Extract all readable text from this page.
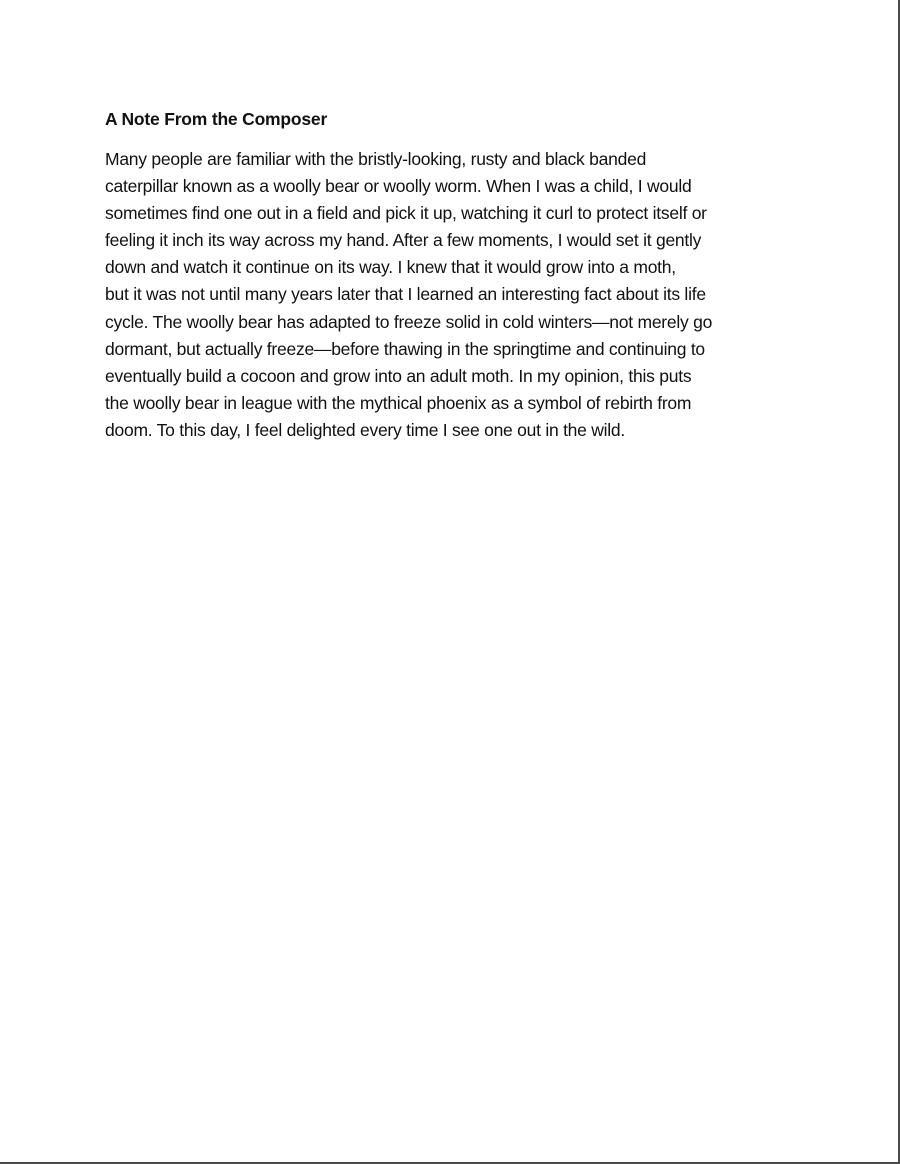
A Note From the Composer
Many people are familiar with the bristly-looking, rusty and black banded
caterpillar known as a woolly bear or woolly worm. When I was a child, I would
sometimes find one out in a field and pick it up, watching it curl to protect itself or
feeling it inch its way across my hand. After a few moments, I would set it gently
down and watch it continue on its way. I knew that it would grow into a moth,
but it was not until many years later that I learned an interesting fact about its life
cycle. The woolly bear has adapted to freeze solid in cold winters—not merely go
dormant, but actually freeze—before thawing in the springtime and continuing to
eventually build a cocoon and grow into an adult moth. In my opinion, this puts
the woolly bear in league with the mythical phoenix as a symbol of rebirth from
doom. To this day, I feel delighted every time I see one out in the wild.
